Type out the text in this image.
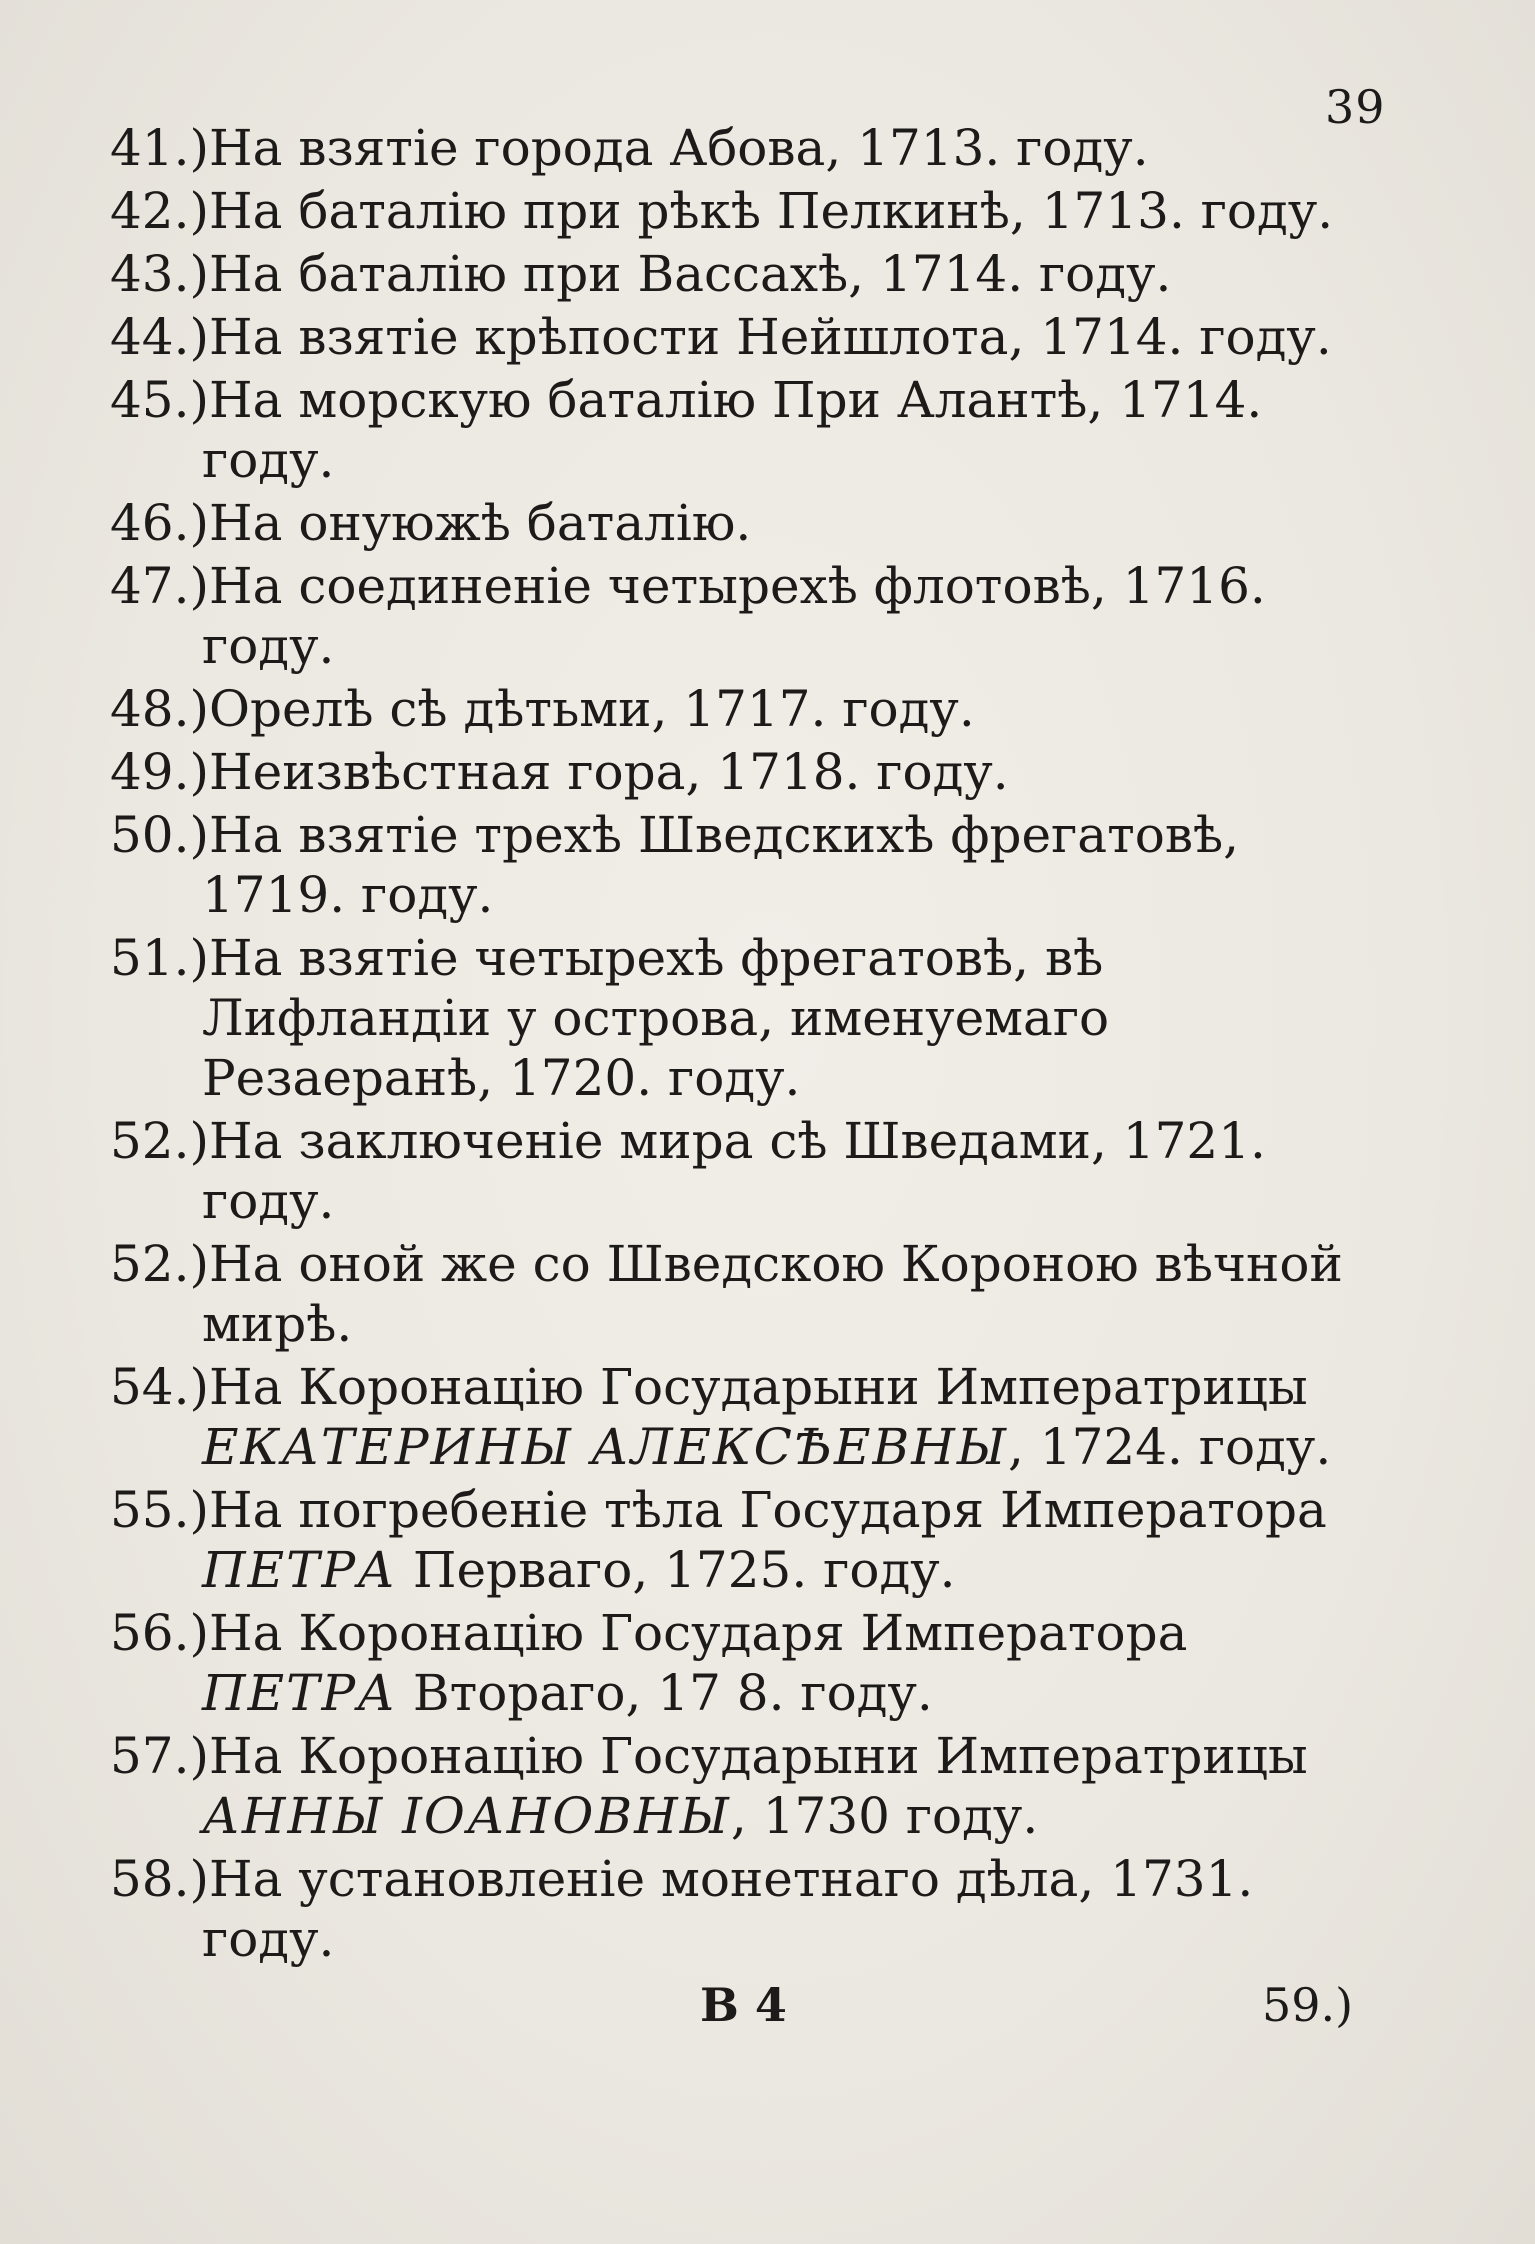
39

41.)На взятіе города Абова, 1713. году.

42.)На баталію при рѣкѣ Пелкинѣ, 1713. году.

43.)На баталію при Вассахѣ, 1714. году.

44.)На взятіе крѣпости Нейшлота, 1714. году.

45.)На морскую баталію При Алантѣ, 1714. году.

46.)На онуюжѣ баталію.

47.)На соединеніе четырехѣ флотовѣ, 1716. году.

48.)Орелѣ сѣ дѣтьми, 1717. году.

49.)Неизвѣстная гора, 1718. году.

50.)На взятіе трехѣ Шведскихѣ фрегатовѣ, 1719. году.

51.)На взятіе четырехѣ фрегатовѣ, вѣ Лифландіи у острова, именуемаго Резаеранѣ, 1720. году.

52.)На заключеніе мира сѣ Шведами, 1721. году.

52.)На оной же со Шведскою Короною вѣчной мирѣ.

54.)На Коронацію Государыни Императрицы ЕКАТЕРИНЫ АЛЕКСѢЕВНЫ, 1724. году.

55.)На погребеніе тѣла Государя Императора ПЕТРА Перваго, 1725. году.

56.)На Коронацію Государя Императора ПЕТРА Втораго, 17 8. году.

57.)На Коронацію Государыни Императрицы АННЫ ІОАНОВНЫ, 1730 году.

58.)На установленіе монетнаго дѣла, 1731. году.

В 4	59.)
